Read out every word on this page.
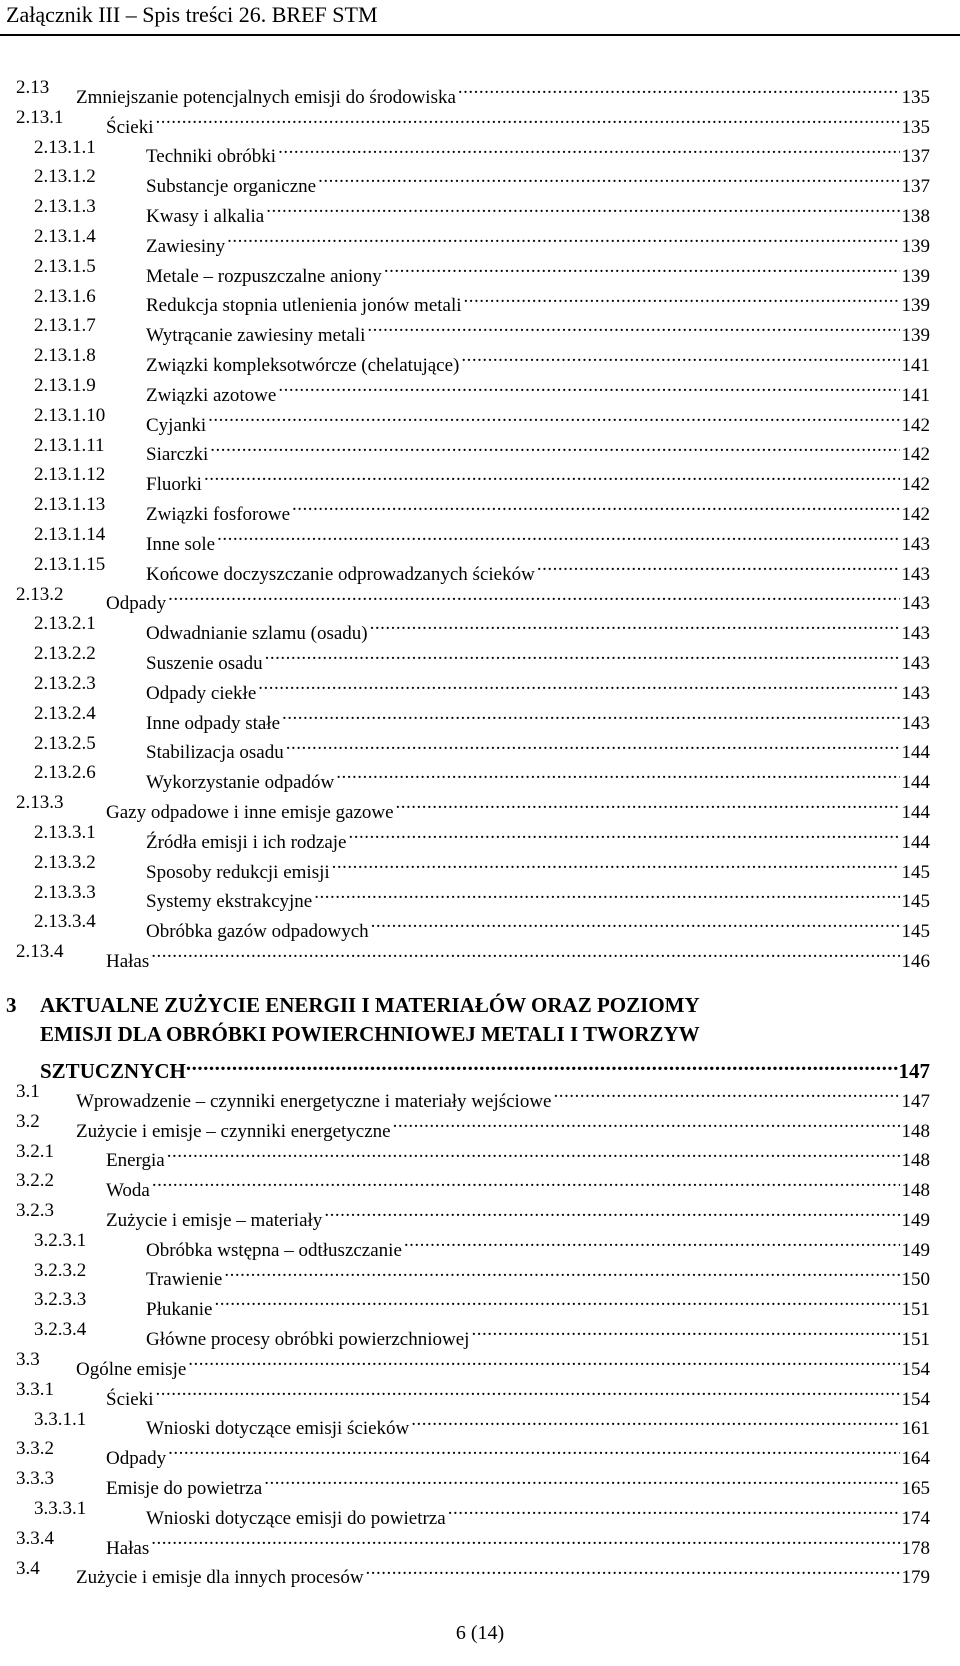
Załącznik III – Spis treści 26. BREF STM
2.13 Zmniejszanie potencjalnych emisji do środowiska .....	135
2.13.1 Ścieki .....	135
2.13.1.1	Techniki obróbki .....	137
2.13.1.2	Substancje organiczne .....	137
2.13.1.3	Kwasy i alkalia .....	138
2.13.1.4	Zawiesiny .....	139
2.13.1.5	Metale – rozpuszczalne aniony .....	139
2.13.1.6	Redukcja stopnia utlenienia jonów metali .....	139
2.13.1.7	Wytrącanie zawiesiny metali .....	139
2.13.1.8	Związki kompleksotwórcze (chelatujące) .....	141
2.13.1.9	Związki azotowe .....	141
2.13.1.10 Cyjanki .....	142
2.13.1.11 Siarczki .....	142
2.13.1.12 Fluorki .....	142
2.13.1.13 Związki fosforowe .....	142
2.13.1.14 Inne sole .....	143
2.13.1.15 Końcowe doczyszczanie odprowadzanych ścieków .....	143
2.13.2 Odpady .....	143
2.13.2.1	Odwadnianie szlamu (osadu) .....	143
2.13.2.2	Suszenie osadu .....	143
2.13.2.3	Odpady ciekłe .....	143
2.13.2.4	Inne odpady stałe .....	143
2.13.2.5	Stabilizacja osadu .....	144
2.13.2.6	Wykorzystanie odpadów .....	144
2.13.3 Gazy odpadowe i inne emisje gazowe .....	144
2.13.3.1	Źródła emisji i ich rodzaje .....	144
2.13.3.2	Sposoby redukcji emisji .....	145
2.13.3.3	Systemy ekstrakcyjne .....	145
2.13.3.4	Obróbka gazów odpadowych .....	145
2.13.4 Hałas .....	146
3 AKTUALNE ZUŻYCIE ENERGII I MATERIAŁÓW ORAZ POZIOMY
EMISJI DLA OBRÓBKI POWIERCHNIOWEJ METALI I TWORZYW
SZTUCZNYCH .....	147
3.1 Wprowadzenie – czynniki energetyczne i materiały wejściowe .....	147
3.2 Zużycie i emisje – czynniki energetyczne .....	148
3.2.1	Energia .....	148
3.2.2	Woda .....	148
3.2.3	Zużycie i emisje – materiały .....	149
3.2.3.1	Obróbka wstępna – odtłuszczanie .....	149
3.2.3.2	Trawienie .....	150
3.2.3.3	Płukanie .....	151
3.2.3.4	Główne procesy obróbki powierzchniowej .....	151
3.3 Ogólne emisje .....	154
3.3.1	Ścieki .....	154
3.3.1.1	Wnioski dotyczące emisji ścieków .....	161
3.3.2	Odpady .....	164
3.3.3	Emisje do powietrza .....	165
3.3.3.1	Wnioski dotyczące emisji do powietrza .....	174
3.3.4	Hałas .....	178
3.4 Zużycie i emisje dla innych procesów .....	179
6 (14)
